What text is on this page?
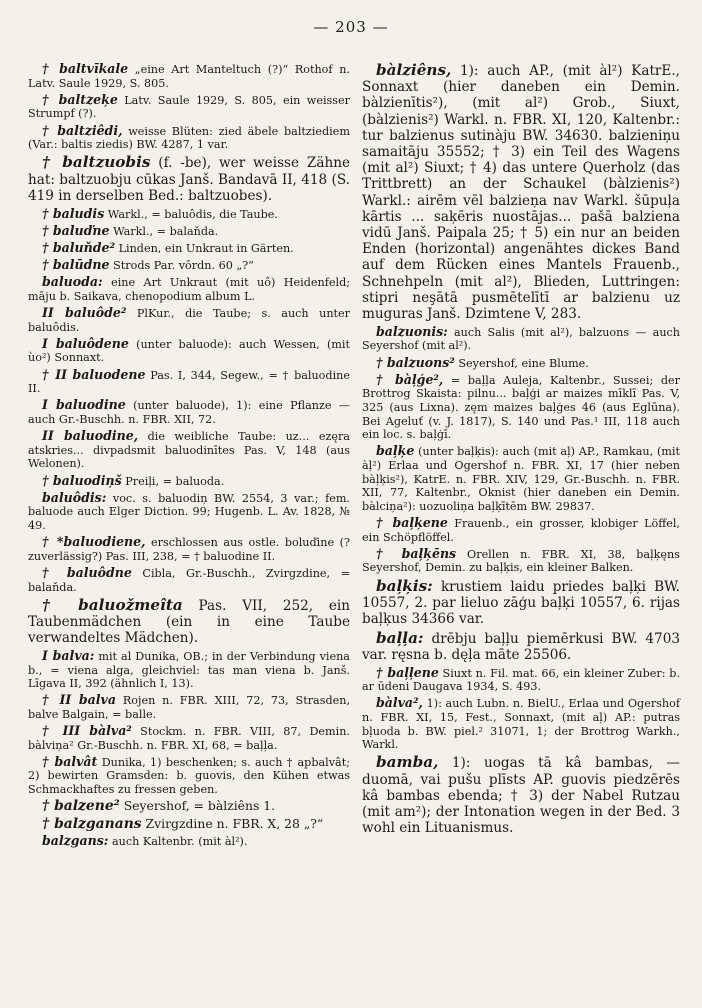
— 203 —

† baltvīkale „eine Art Manteltuch (?)“ Rothof n. Latv. Saule 1929, S. 805.

† baltzeķe Latv. Saule 1929, S. 805, ein weisser Strumpf (?).

† baltziêdi, weisse Blüten: zied äbele baltziediem (Var.: baltis ziedis) BW. 4287, 1 var.

† baltzuobis (f. -be), wer weisse Zähne hat: baltzuobju cūkas Janš. Bandavā II, 418 (S. 419 in derselben Bed.: baltzuobes).

† baludis Warkl., = baluôdis, die Taube.

† baluďne Warkl., = balaňda.

† baluňde² Linden, ein Unkraut in Gärten.

† balūdne Strods Par. vōrdn. 60 „?“

baluoda: eine Art Unkraut (mit uô) Heidenfeld; māju b. Saikava, chenopodium album L.

II baluôde² PlKur., die Taube; s. auch unter baluôdis.

I baluôdene (unter baluode): auch Wessen, (mit ùo²) Sonnaxt.

† II baluodene Pas. I, 344, Segew., = † baluodine II.

I baluodine (unter baluode), 1): eine Pflanze — auch Gr.-Buschh. n. FBR. XII, 72.

II baluodine, die weibliche Taube: uz... ezęra atskries... divpadsmit baluodinītes Pas. V, 148 (aus Welonen).

† baluodiņš Preiļi, = baluoda.

baluôdis: voc. s. baluodiņ BW. 2554, 3 var.; fem. baluode auch Elger Diction. 99; Hugenb. L. Av. 1828, № 49.

† *baluodiene, erschlossen aus ostle. boluďine (? zuverlässig?) Pas. III, 238, = † baluodine II.

† baluôdne Cibla, Gr.-Buschh., Zvirgzdine, = balaňda.

† baluožmeîta Pas. VII, 252, ein Taubenmädchen (ein in eine Taube verwandeltes Mädchen).

I balva: mit al Dunika, OB.; in der Verbindung viena b., = viena alga, gleichviel: tas man viena b. Janš. Līgava II, 392 (ähnlich I, 13).

† II balva Rojen n. FBR. XIII, 72, 73, Strasden, balve Balgain, = balle.

† III bàlva² Stockm. n. FBR. VIII, 87, Demin. bàlviņa² Gr.-Buschh. n. FBR. XI, 68, = baļļa.

† balvât Dunika, 1) beschenken; s. auch † apbalvât; 2) bewirten Gramsden: b. guovis, den Kühen etwas Schmackhaftes zu fressen geben.

† balzene² Seyershof, = bàlziêns 1.

† balzganans Zvirgzdine n. FBR. X, 28 „?“

balzgans: auch Kaltenbr. (mit àl²).

bàlziêns, 1): auch AP., (mit àl²) KatrE., Sonnaxt (hier daneben ein Demin. bàlzienītis²), (mit al²) Grob., Siuxt, (bàlzienis²) Warkl. n. FBR. XI, 120, Kaltenbr.: tur balzienus sutinàju BW. 34630. balzieniņu samaitāju 35552; † 3) ein Teil des Wagens (mit al²) Siuxt; † 4) das untere Querholz (das Trittbrett) an der Schaukel (bàlzienis²) Warkl.: airēm vēl balzieņa nav Warkl. šūpuļa kārtis ... saķēris nuostājas... pašā balziena vidū Janš. Paipala 25; † 5) ein nur an beiden Enden (horizontal) angenähtes dickes Band auf dem Rücken eines Mantels Frauenb., Schnehpeln (mit al²), Blieden, Luttringen: stipri neşātā pusmētelītī ar balzienu uz muguras Janš. Dzimtene V, 283.

balzuonis: auch Salis (mit al²), balzuons — auch Seyershof (mit al²).

† balzuons² Seyershof, eine Blume.

† bàļģe², = baļļa Auleja, Kaltenbr., Sussei; der Brottrog Skaista: pilnu... baļģi ar maizes mīklī Pas. V, 325 (aus Lixna). zęm maizes baļģes 46 (aus Eglūna). Bei Ageluť (v. J. 1817), S. 140 und Pas.¹ III, 118 auch ein loc. s. baļģī.

baļķe (unter baļķis): auch (mit aļ) AP., Ramkau, (mit àļ²) Erlaa und Ogershof n. FBR. XI, 17 (hier neben bàļķis²), KatrE. n. FBR. XIV, 129, Gr.-Buschh. n. FBR. XII, 77, Kaltenbr., Oknist (hier daneben ein Demin. bàlciņa²): uozuoliņa baļķītēm BW. 29837.

† baļķene Frauenb., ein grosser, klobiger Löffel, ein Schöpflöffel.

† baļķēns Orellen n. FBR. XI, 38, baļķęns Seyershof, Demin. zu baļķis, ein kleiner Balken.

baļķis: krustiem laidu priedes baļķi BW. 10557, 2. par lieluo zāģu baļķi 10557, 6. rijas baļķus 34366 var.

baļļa: drēbju baļļu piemērkusi BW. 4703 var. ręsna b. dęļa māte 25506.

† baļļene Siuxt n. Fil. mat. 66, ein kleiner Zuber: b. ar ūdeni Daugava 1934, S. 493.

bàlva², 1): auch Lubn. n. BielU., Erlaa und Ogershof n. FBR. XI, 15, Fest., Sonnaxt, (mit aļ) AP.: putras bļuoda b. BW. piel.² 31071, 1; der Brottrog Warkh., Warkl.

bamba, 1): uogas tā kâ bambas, — duomā, vai pušu plīsts AP. guovis piedzērēs kâ bambas ebenda; † 3) der Nabel Rutzau (mit am²); der Intonation wegen in der Bed. 3 wohl ein Lituanismus.
